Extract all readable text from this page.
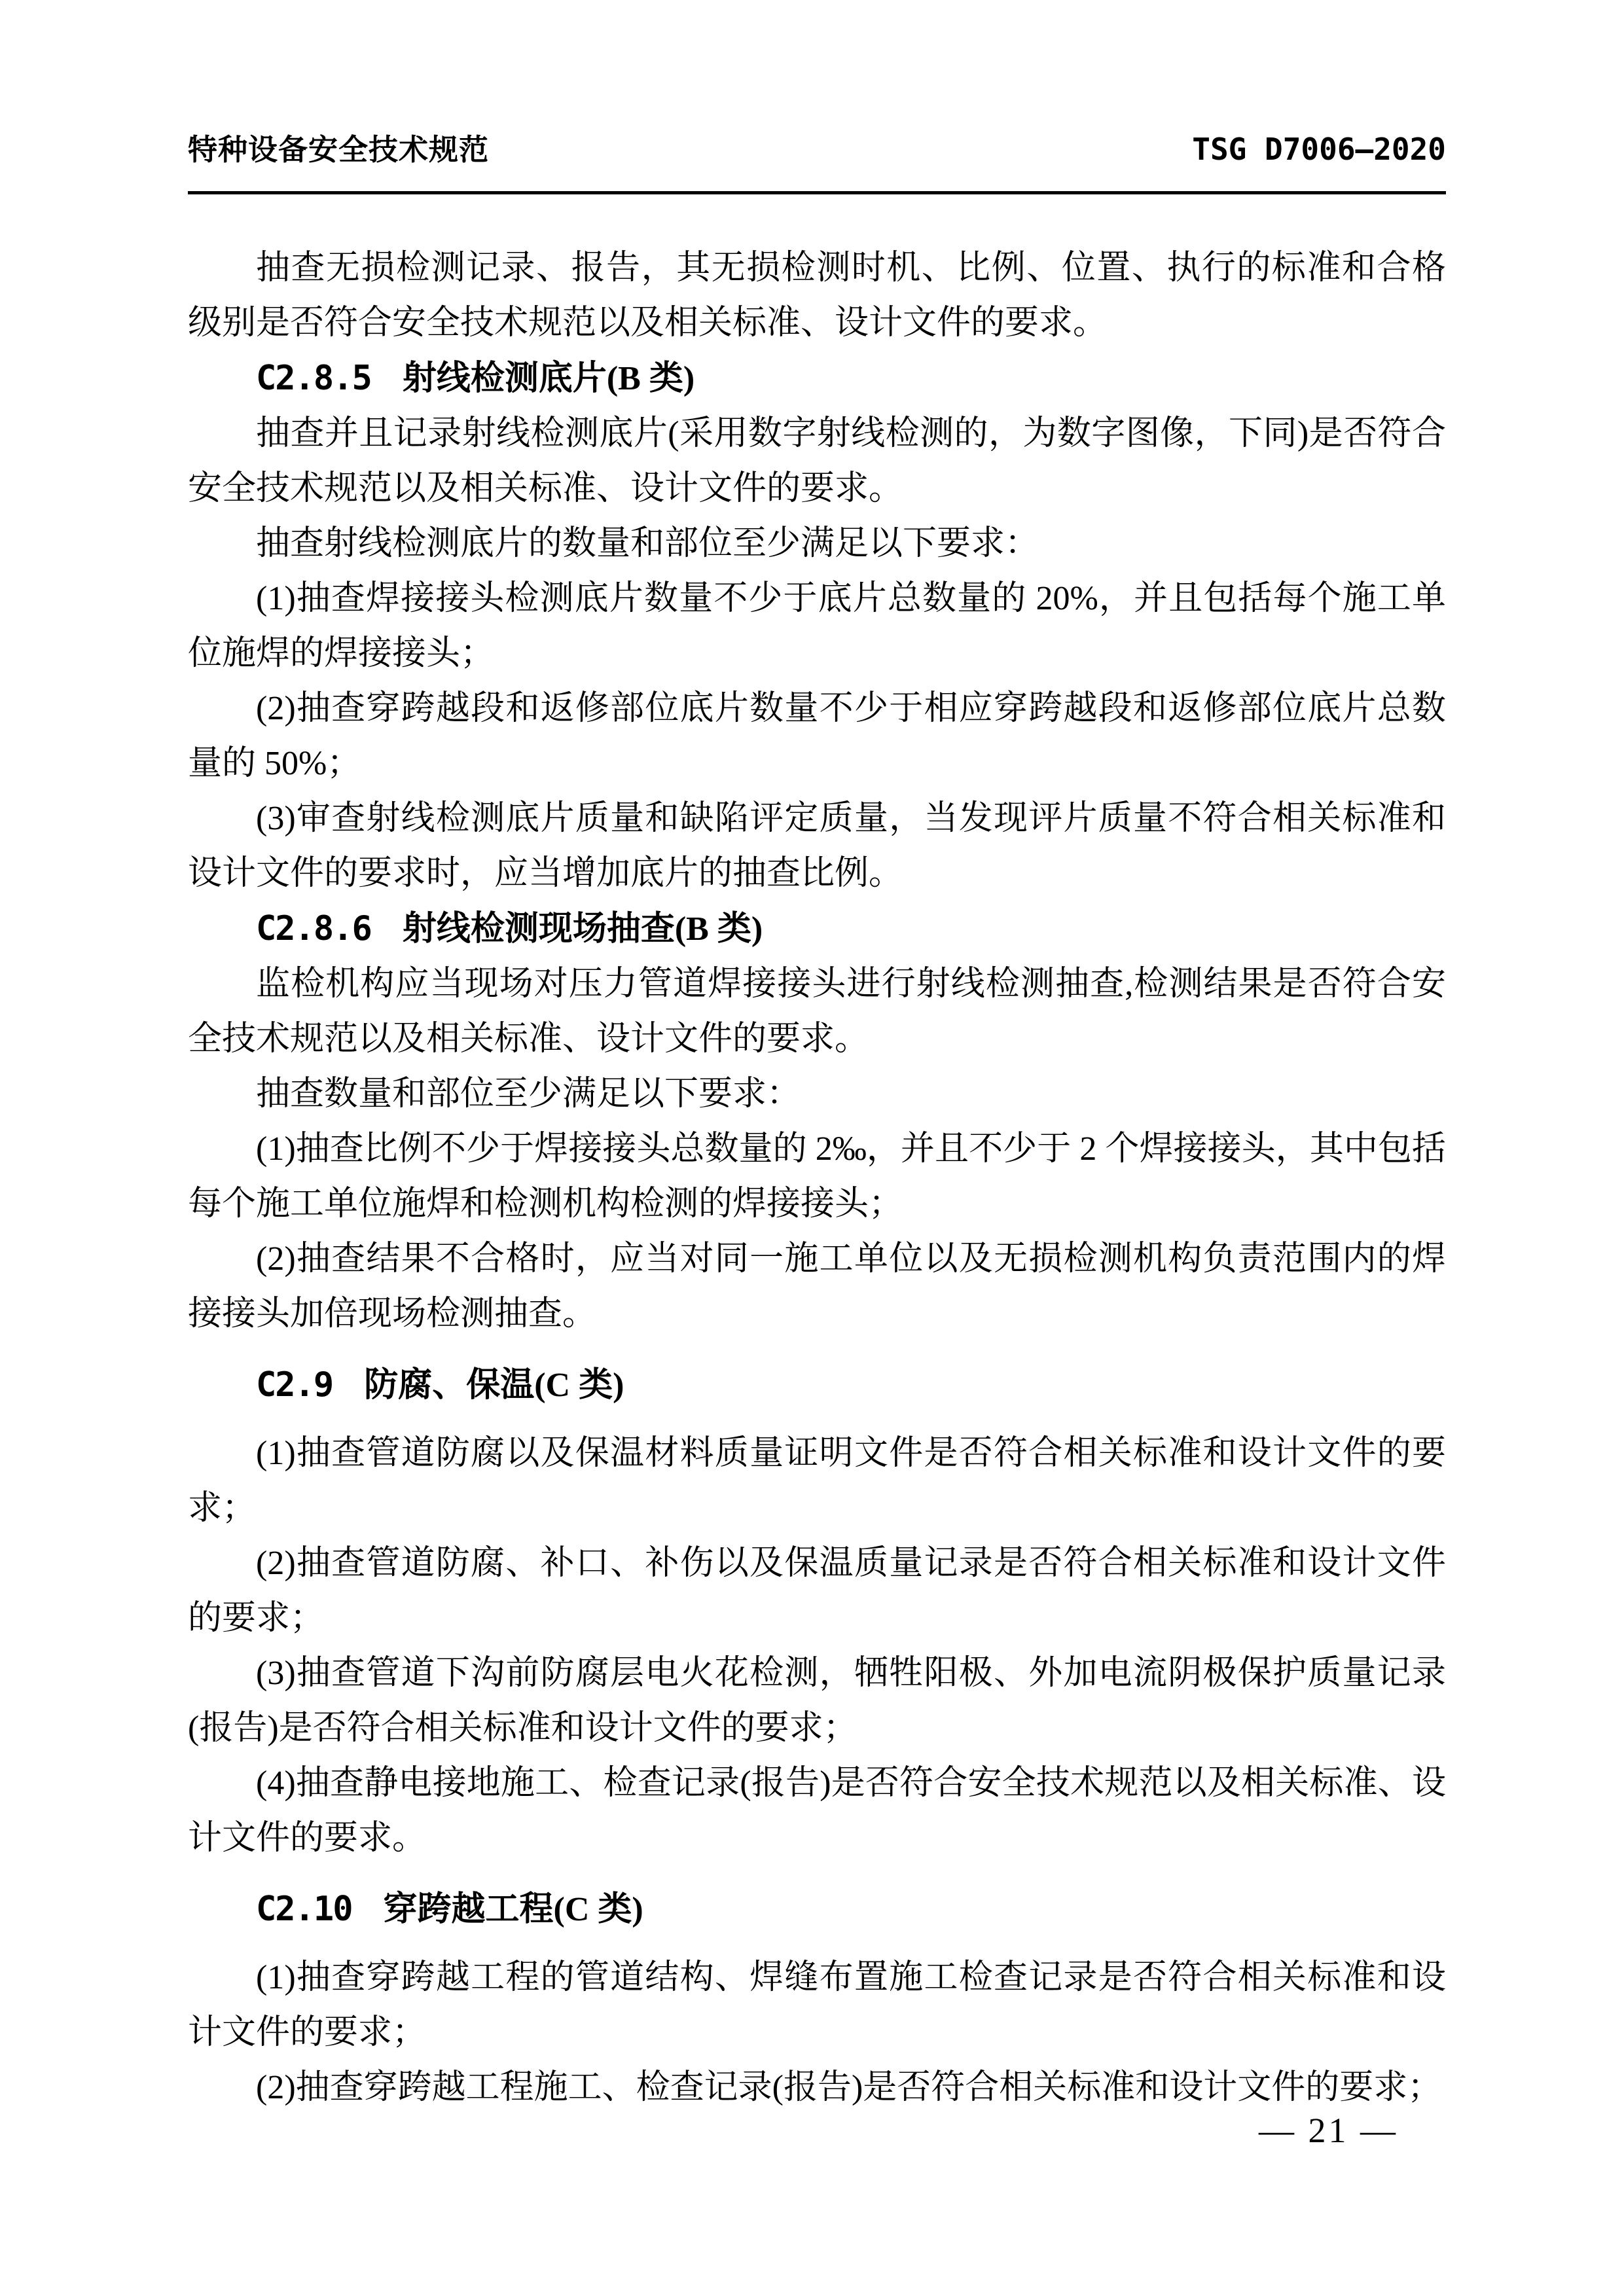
特种设备安全技术规范	TSG D7006—2020

抽查无损检测记录、报告，其无损检测时机、比例、位置、执行的标准和合格级别是否符合安全技术规范以及相关标准、设计文件的要求。

C2.8.5 射线检测底片(B 类)

抽查并且记录射线检测底片(采用数字射线检测的，为数字图像，下同)是否符合安全技术规范以及相关标准、设计文件的要求。

抽查射线检测底片的数量和部位至少满足以下要求：

(1)抽查焊接接头检测底片数量不少于底片总数量的 20%，并且包括每个施工单位施焊的焊接接头；

(2)抽查穿跨越段和返修部位底片数量不少于相应穿跨越段和返修部位底片总数量的 50%；

(3)审查射线检测底片质量和缺陷评定质量，当发现评片质量不符合相关标准和设计文件的要求时，应当增加底片的抽查比例。

C2.8.6 射线检测现场抽查(B 类)

监检机构应当现场对压力管道焊接接头进行射线检测抽查,检测结果是否符合安全技术规范以及相关标准、设计文件的要求。

抽查数量和部位至少满足以下要求：

(1)抽查比例不少于焊接接头总数量的 2‰，并且不少于 2 个焊接接头，其中包括每个施工单位施焊和检测机构检测的焊接接头；

(2)抽查结果不合格时，应当对同一施工单位以及无损检测机构负责范围内的焊接接头加倍现场检测抽查。

C2.9 防腐、保温(C 类)

(1)抽查管道防腐以及保温材料质量证明文件是否符合相关标准和设计文件的要求；

(2)抽查管道防腐、补口、补伤以及保温质量记录是否符合相关标准和设计文件的要求；

(3)抽查管道下沟前防腐层电火花检测，牺牲阳极、外加电流阴极保护质量记录(报告)是否符合相关标准和设计文件的要求；

(4)抽查静电接地施工、检查记录(报告)是否符合安全技术规范以及相关标准、设计文件的要求。

C2.10 穿跨越工程(C 类)

(1)抽查穿跨越工程的管道结构、焊缝布置施工检查记录是否符合相关标准和设计文件的要求；

(2)抽查穿跨越工程施工、检查记录(报告)是否符合相关标准和设计文件的要求；

— 21 —
